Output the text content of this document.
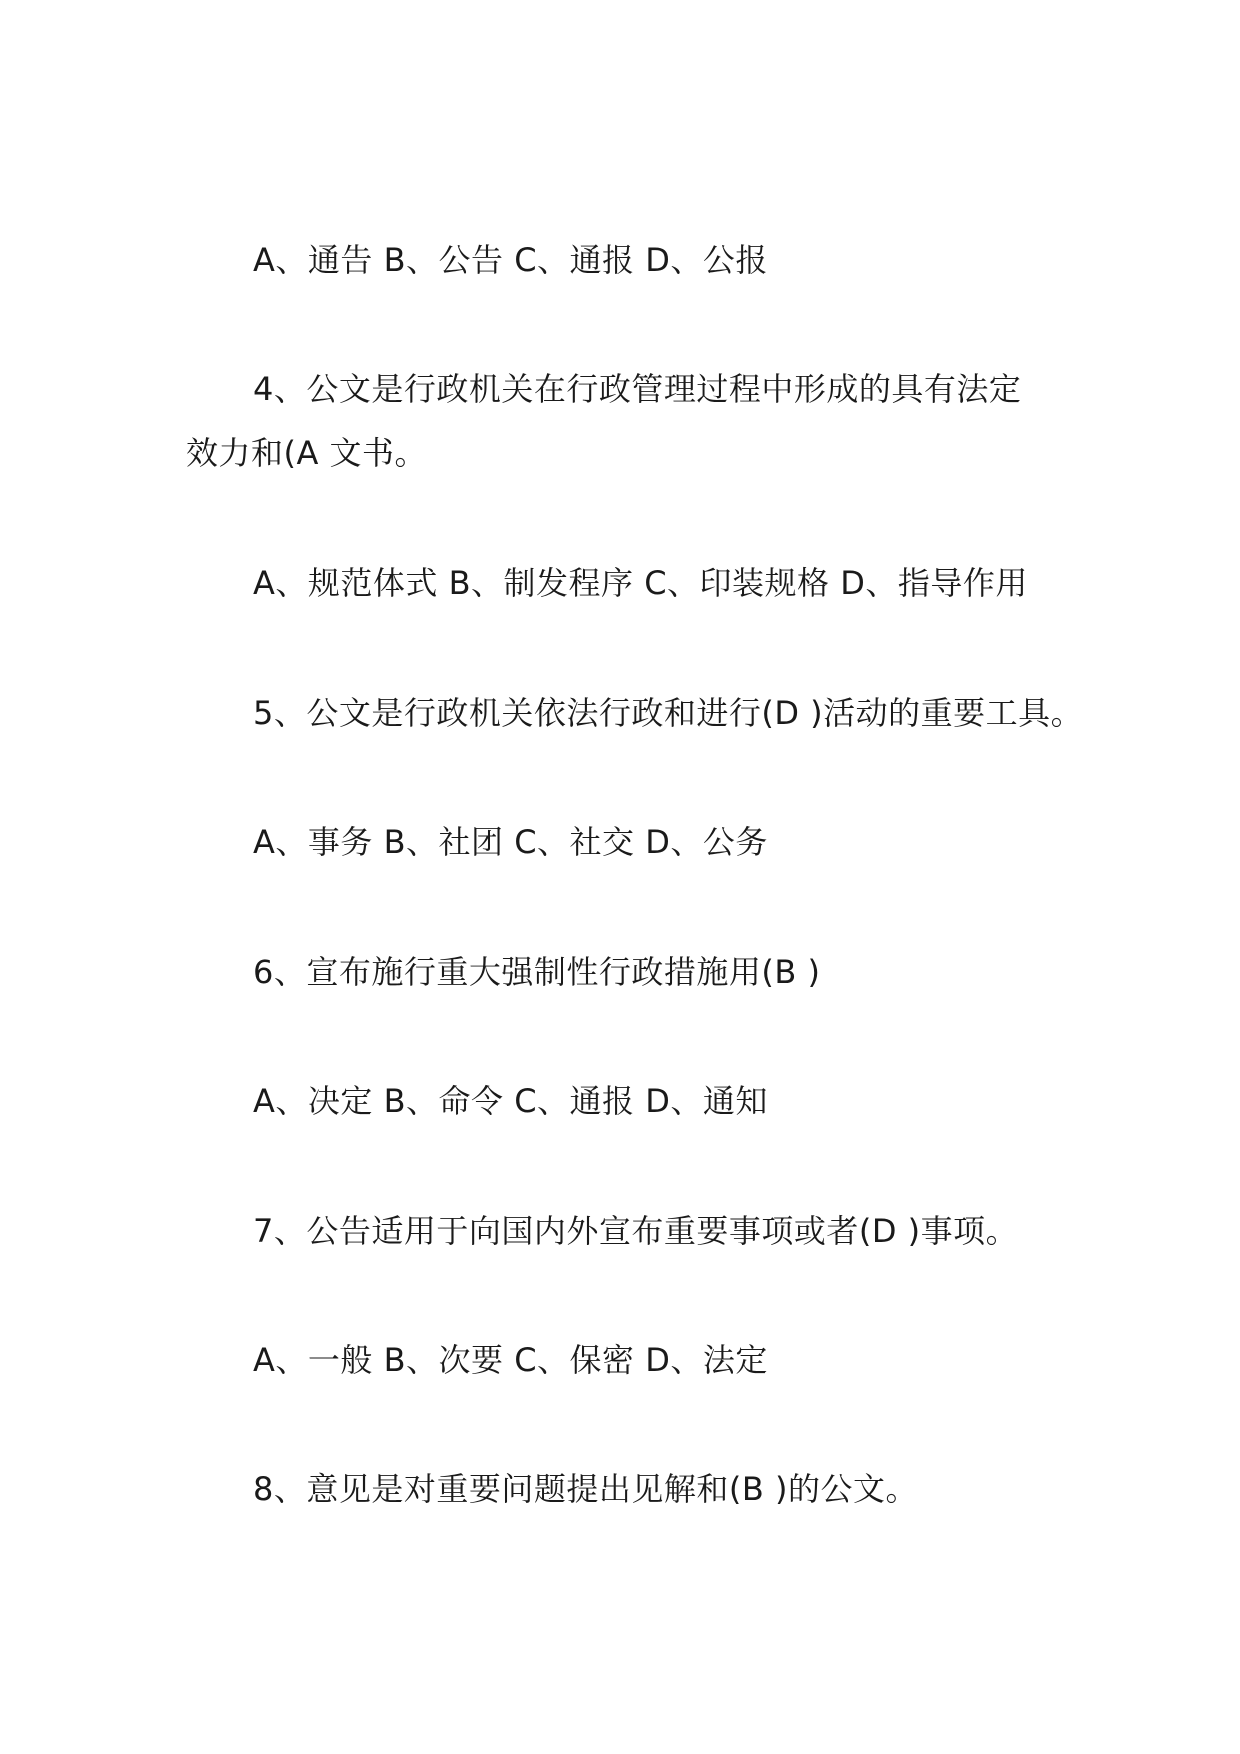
A、通告 B、公告 C、通报 D、公报
4、公文是行政机关在行政管理过程中形成的具有法定
效力和(A 文书。
A、规范体式 B、制发程序 C、印装规格 D、指导作用
5、公文是行政机关依法行政和进行(D )活动的重要工具。
A、事务 B、社团 C、社交 D、公务
6、宣布施行重大强制性行政措施用(B )
A、决定 B、命令 C、通报 D、通知
7、公告适用于向国内外宣布重要事项或者(D )事项。
A、一般 B、次要 C、保密 D、法定
8、意见是对重要问题提出见解和(B )的公文。
